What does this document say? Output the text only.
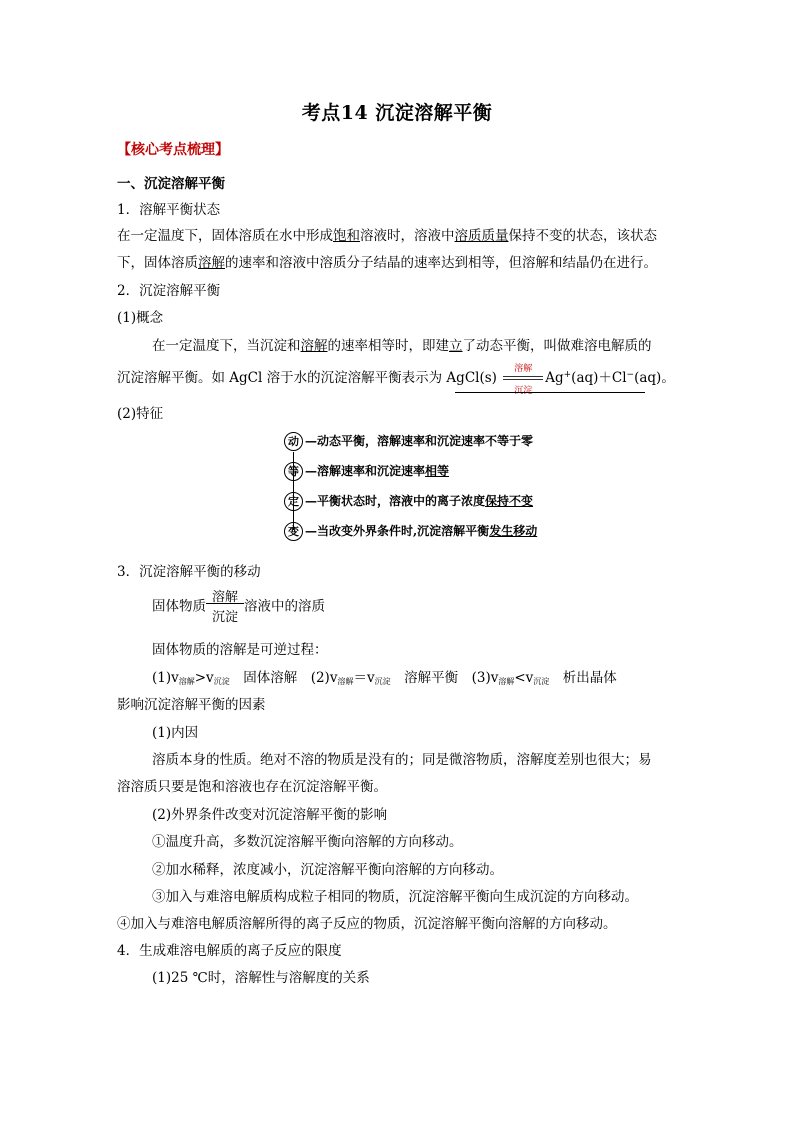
考点14 沉淀溶解平衡
【核心考点梳理】
一、沉淀溶解平衡
1．溶解平衡状态
在一定温度下，固体溶质在水中形成饱和溶液时，溶液中溶质质量保持不变的状态，该状态
下，固体溶质溶解的速率和溶液中溶质分子结晶的速率达到相等，但溶解和结晶仍在进行。
2．沉淀溶解平衡
(1)概念
在一定温度下，当沉淀和溶解的速率相等时，即建立了动态平衡，叫做难溶电解质的
沉淀溶解平衡。如 AgCl 溶于水的沉淀溶解平衡表示为 AgCl(s)
溶解
沉淀
Ag+(aq)＋Cl−(aq)。
(2)特征
动 —动态平衡，溶解速率和沉淀速率不等于零
等 —溶解速率和沉淀速率相等
定 —平衡状态时，溶液中的离子浓度保持不变
变 —当改变外界条件时,沉淀溶解平衡发生移动
3．沉淀溶解平衡的移动
固体物质 $\frac{\text{溶解}}{\text{沉淀}}$ 溶液中的溶质
固体物质的溶解是可逆过程：
$(1)v_{溶解}>v_{沉淀}$　固体溶解　$(2)v_{溶解}=v_{沉淀}$　溶解平衡　$(3)v_{溶解}<v_{沉淀}$　析出晶体
影响沉淀溶解平衡的因素
(1)内因
溶质本身的性质。绝对不溶的物质是没有的；同是微溶物质，溶解度差别也很大；易
溶溶质只要是饱和溶液也存在沉淀溶解平衡。
(2)外界条件改变对沉淀溶解平衡的影响
①温度升高，多数沉淀溶解平衡向溶解的方向移动。
②加水稀释，浓度减小，沉淀溶解平衡向溶解的方向移动。
③加入与难溶电解质构成粒子相同的物质，沉淀溶解平衡向生成沉淀的方向移动。
④加入与难溶电解质溶解所得的离子反应的物质，沉淀溶解平衡向溶解的方向移动。
4．生成难溶电解质的离子反应的限度
(1)25 ℃时，溶解性与溶解度的关系
